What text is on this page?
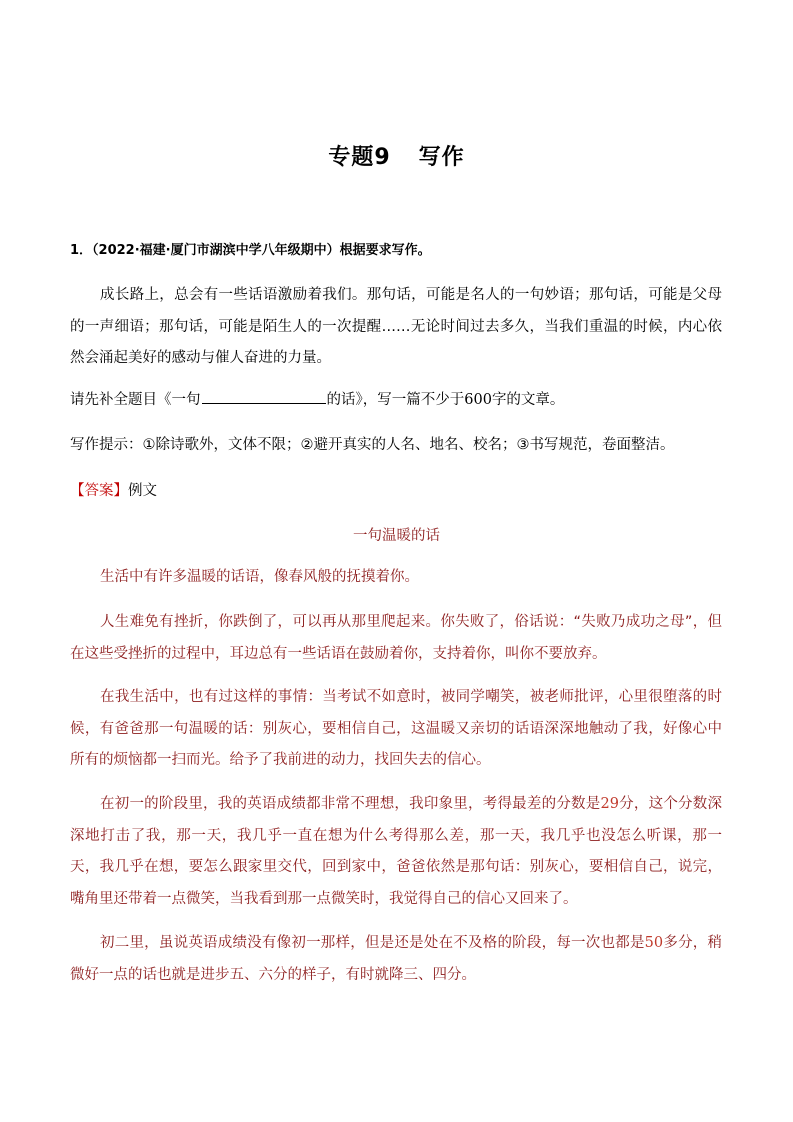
专题9 写作
1．（2022·福建·厦门市湖滨中学八年级期中）根据要求写作。
成长路上，总会有一些话语激励着我们。那句话，可能是名人的一句妙语；那句话，可能是父母的一声细语；那句话，可能是陌生人的一次提醒……无论时间过去多久，当我们重温的时候，内心依然会涌起美好的感动与催人奋进的力量。
请先补全题目《一句	的话》，写一篇不少于600字的文章。
写作提示：①除诗歌外，文体不限；②避开真实的人名、地名、校名；③书写规范，卷面整洁。
【答案】例文
一句温暖的话
生活中有许多温暖的话语，像春风般的抚摸着你。
人生难免有挫折，你跌倒了，可以再从那里爬起来。你失败了，俗话说：“失败乃成功之母”，但在这些受挫折的过程中，耳边总有一些话语在鼓励着你，支持着你，叫你不要放弃。
在我生活中，也有过这样的事情：当考试不如意时，被同学嘲笑，被老师批评，心里很堕落的时候，有爸爸那一句温暖的话：别灰心，要相信自己，这温暖又亲切的话语深深地触动了我，好像心中所有的烦恼都一扫而光。给予了我前进的动力，找回失去的信心。
在初一的阶段里，我的英语成绩都非常不理想，我印象里，考得最差的分数是29分，这个分数深深地打击了我，那一天，我几乎一直在想为什么考得那么差，那一天，我几乎也没怎么听课，那一天，我几乎在想，要怎么跟家里交代，回到家中，爸爸依然是那句话：别灰心，要相信自己，说完，嘴角里还带着一点微笑，当我看到那一点微笑时，我觉得自己的信心又回来了。
初二里，虽说英语成绩没有像初一那样，但是还是处在不及格的阶段，每一次也都是50多分，稍微好一点的话也就是进步五、六分的样子，有时就降三、四分。
